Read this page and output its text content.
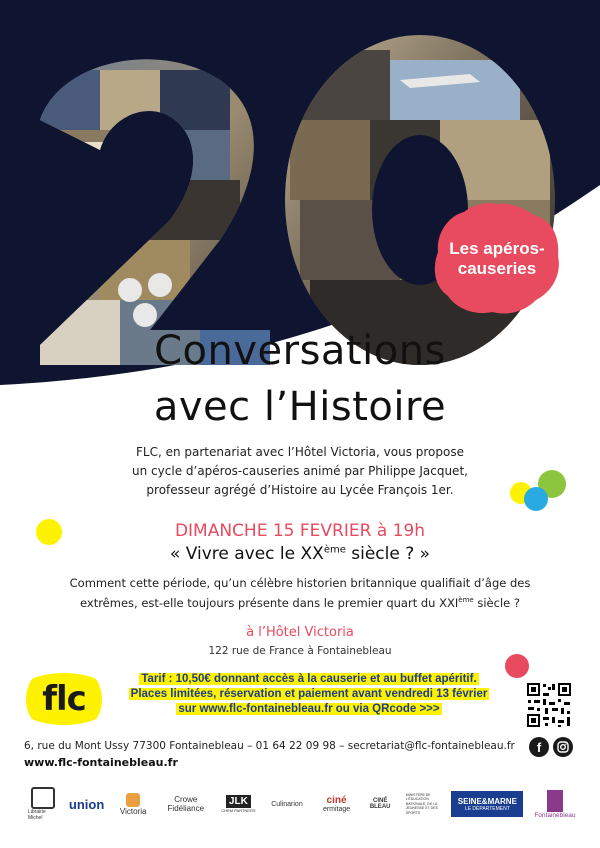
Les apéros-
causeries
Conversations
avec l’Histoire
FLC, en partenariat avec l’Hôtel Victoria, vous propose
un cycle d’apéros-causeries animé par Philippe Jacquet,
professeur agrégé d’Histoire au Lycée François 1er.
DIMANCHE 15 FEVRIER à 19h
« Vivre avec le XXème siècle ? »
Comment cette période, qu’un célèbre historien britannique qualifiait d’âge des
extrêmes, est-elle toujours présente dans le premier quart du XXIème siècle ?
à l’Hôtel Victoria
122 rue de France à Fontainebleau
Tarif : 10,50€ donnant accès à la causerie et au buffet apéritif.
Places limitées, réservation et paiement avant vendredi 13 février
sur www.flc-fontainebleau.fr ou via QRcode >>>
flc
6, rue du Mont Ussy 77300 Fontainebleau – 01 64 22 09 98 – secretariat@flc-fontainebleau.fr
www.flc-fontainebleau.fr
f
Librairie Michel
union Victoria
Crowe
Fidéliance
JLK
CHEM PARTNERS
Culinarion ciné
ermitage
CINÉ
BLEAU
MINISTÈRE DE L'ÉDUCATION NATIONALE, DE LA JEUNESSE ET DES SPORTS
SEINE&MARNE
LE DÉPARTEMENT
Fontainebleau
